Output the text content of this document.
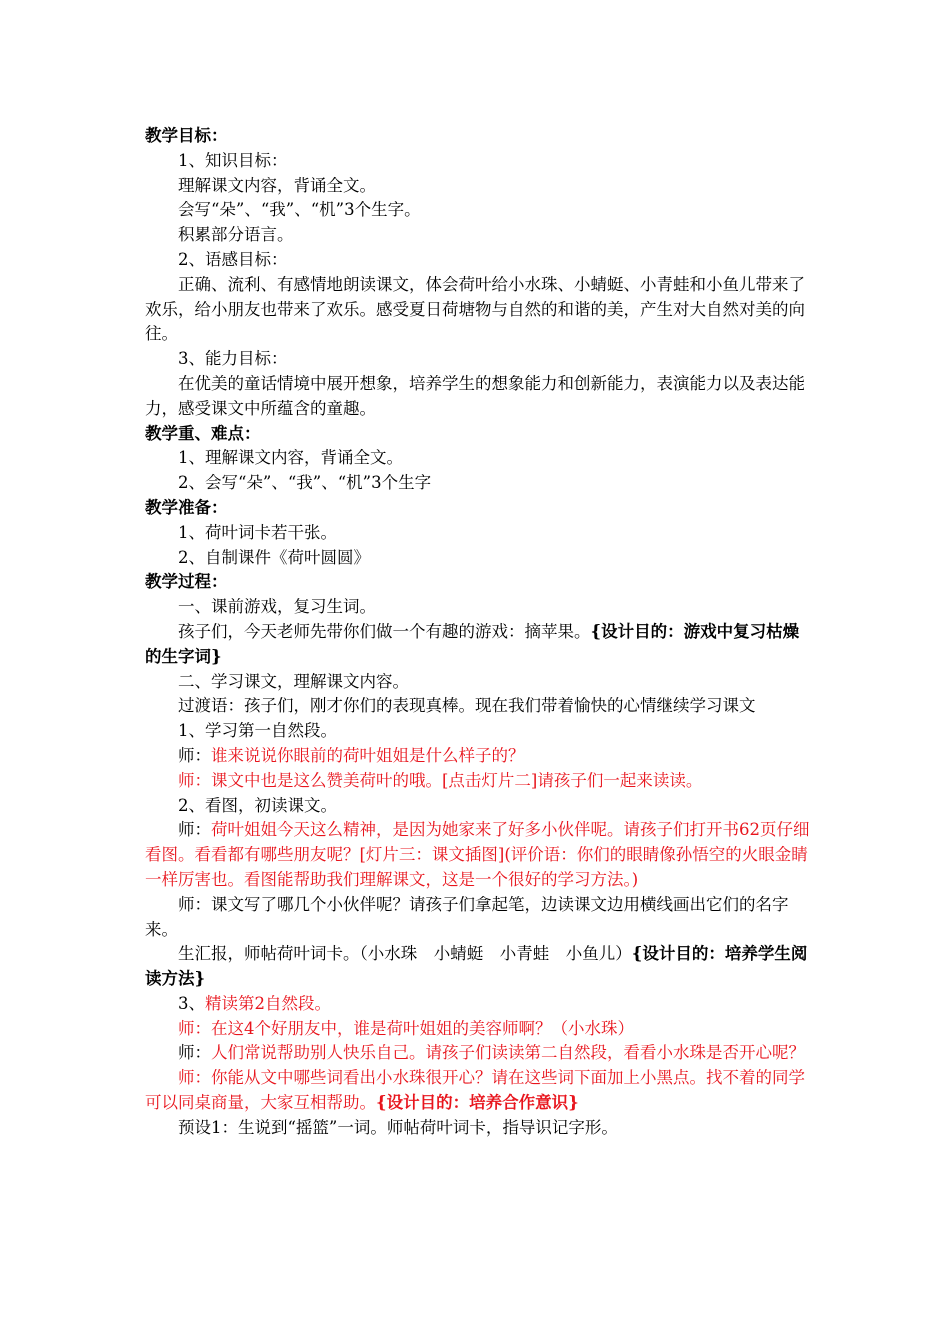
教学目标：

1、知识目标：

理解课文内容，背诵全文。

会写“朵”、“我”、“机”3个生字。

积累部分语言。

2、语感目标：

正确、流利、有感情地朗读课文，体会荷叶给小水珠、小蜻蜓、小青蛙和小鱼儿带来了欢乐，给小朋友也带来了欢乐。感受夏日荷塘物与自然的和谐的美，产生对大自然对美的向往。

3、能力目标：

在优美的童话情境中展开想象，培养学生的想象能力和创新能力，表演能力以及表达能力，感受课文中所蕴含的童趣。

教学重、难点：

1、理解课文内容，背诵全文。

2、会写“朵”、“我”、“机”3个生字

教学准备：

1、荷叶词卡若干张。

2、自制课件《荷叶圆圆》

教学过程：

一、课前游戏，复习生词。

孩子们，今天老师先带你们做一个有趣的游戏：摘苹果。{设计目的：游戏中复习枯燥的生字词}

二、学习课文，理解课文内容。

过渡语：孩子们，刚才你们的表现真棒。现在我们带着愉快的心情继续学习课文

1、学习第一自然段。

师：谁来说说你眼前的荷叶姐姐是什么样子的？

师：课文中也是这么赞美荷叶的哦。[点击灯片二]请孩子们一起来读读。

2、看图，初读课文。

师：荷叶姐姐今天这么精神，是因为她家来了好多小伙伴呢。请孩子们打开书62页仔细看图。看看都有哪些朋友呢？[灯片三：课文插图](评价语：你们的眼睛像孙悟空的火眼金睛一样厉害也。看图能帮助我们理解课文，这是一个很好的学习方法。)

师：课文写了哪几个小伙伴呢？请孩子们拿起笔，边读课文边用横线画出它们的名字来。

生汇报，师帖荷叶词卡。（小水珠　小蜻蜓　小青蛙　小鱼儿）{设计目的：培养学生阅读方法}

3、精读第2自然段。

师：在这4个好朋友中，谁是荷叶姐姐的美容师啊？（小水珠）

师：人们常说帮助别人快乐自己。请孩子们读读第二自然段，看看小水珠是否开心呢？

师：你能从文中哪些词看出小水珠很开心？请在这些词下面加上小黑点。找不着的同学可以同桌商量，大家互相帮助。{设计目的：培养合作意识}

预设1：生说到“摇篮”一词。师帖荷叶词卡，指导识记字形。
